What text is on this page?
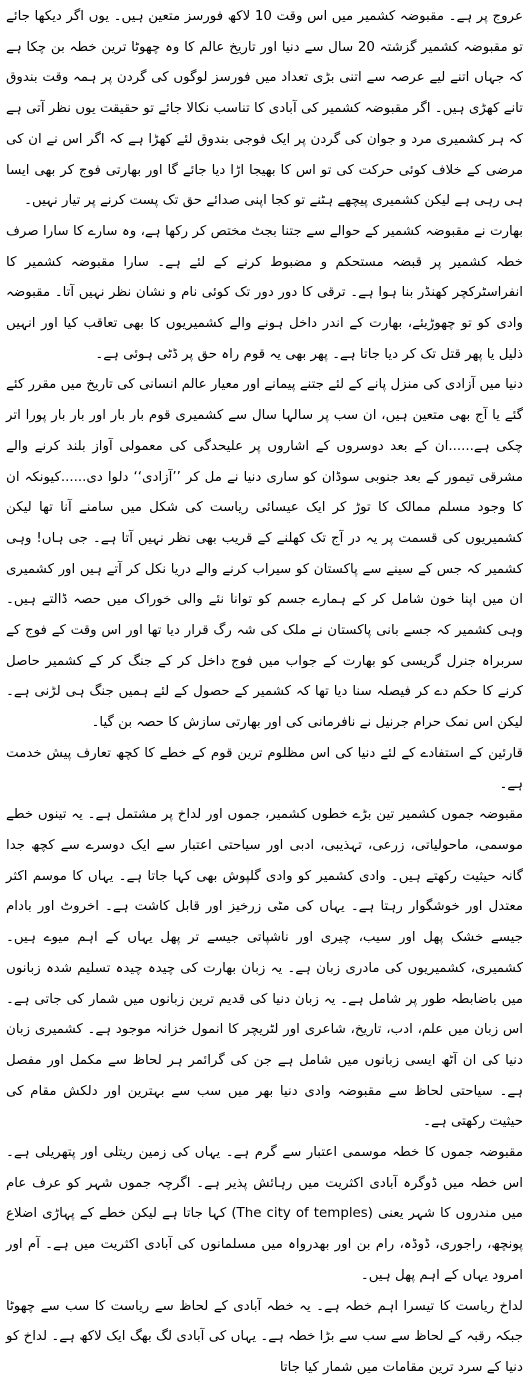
عروج پر ہے۔ مقبوضہ کشمیر میں اس وقت 10 لاکھ فورسز متعین ہیں۔ یوں اگر دیکھا جائے تو مقبوضہ کشمیر گزشتہ 20 سال سے دنیا اور تاریخ عالم کا وہ چھوٹا ترین خطہ بن چکا ہے کہ جہاں اتنے لیے عرصہ سے اتنی بڑی تعداد میں فورسز لوگوں کی گردن پر ہمہ وقت بندوق تانے کھڑی ہیں۔ اگر مقبوضہ کشمیر کی آبادی کا تناسب نکالا جائے تو حقیقت یوں نظر آتی ہے کہ ہر کشمیری مرد و جوان کی گردن پر ایک فوجی بندوق لئے کھڑا ہے کہ اگر اس نے ان کی مرضی کے خلاف کوئی حرکت کی تو اس کا بھیجا اڑا دیا جائے گا اور بھارتی فوج کر بھی ایسا ہی رہی ہے لیکن کشمیری پیچھے ہٹنے تو کجا اپنی صدائے حق تک پست کرنے پر تیار نہیں۔

بھارت نے مقبوضہ کشمیر کے حوالے سے جتنا بجٹ مختص کر رکھا ہے، وہ سارے کا سارا صرف خطہ کشمیر پر قبضہ مستحکم و مضبوط کرنے کے لئے ہے۔ سارا مقبوضہ کشمیر کا انفراسٹرکچر کھنڈر بنا ہوا ہے۔ ترقی کا دور دور تک کوئی نام و نشان نظر نہیں آتا۔ مقبوضہ وادی کو تو چھوڑیئے، بھارت کے اندر داخل ہونے والے کشمیریوں کا بھی تعاقب کیا اور انہیں ذلیل یا پھر قتل تک کر دیا جاتا ہے۔ پھر بھی یہ قوم راہ حق پر ڈٹی ہوئی ہے۔

دنیا میں آزادی کی منزل پانے کے لئے جتنے پیمانے اور معیار عالم انسانی کی تاریخ میں مقرر کئے گئے یا آج بھی متعین ہیں، ان سب پر سالہا سال سے کشمیری قوم بار بار اور بار بار پورا اتر چکی ہے......ان کے بعد دوسروں کے اشاروں پر علیحدگی کی معمولی آواز بلند کرنے والے مشرقی تیمور کے بعد جنوبی سوڈان کو ساری دنیا نے مل کر ’’آزادی‘‘ دلوا دی......کیونکہ ان کا وجود مسلم ممالک کا توڑ کر ایک عیسائی ریاست کی شکل میں سامنے آنا تھا لیکن کشمیریوں کی قسمت پر یہ در آج تک کھلنے کے قریب بھی نظر نہیں آتا ہے۔ جی ہاں! وہی کشمیر کہ جس کے سینے سے پاکستان کو سیراب کرنے والے دریا نکل کر آتے ہیں اور کشمیری ان میں اپنا خون شامل کر کے ہمارے جسم کو توانا نئے والی خوراک میں حصہ ڈالتے ہیں۔ وہی کشمیر کہ جسے بانی پاکستان نے ملک کی شہ رگ قرار دیا تھا اور اس وقت کے فوج کے سربراہ جنرل گریسی کو بھارت کے جواب میں فوج داخل کر کے جنگ کر کے کشمیر حاصل کرنے کا حکم دے کر فیصلہ سنا دیا تھا کہ کشمیر کے حصول کے لئے ہمیں جنگ ہی لڑنی ہے۔ لیکن اس نمک حرام جرنیل نے نافرمانی کی اور بھارتی سازش کا حصہ بن گیا۔

قارئین کے استفادے کے لئے دنیا کی اس مظلوم ترین قوم کے خطے کا کچھ تعارف پیش خدمت ہے۔

مقبوضہ جموں کشمیر تین بڑے خطوں کشمیر، جموں اور لداخ پر مشتمل ہے۔ یہ تینوں خطے موسمی، ماحولیاتی، زرعی، تہذیبی، ادبی اور سیاحتی اعتبار سے ایک دوسرے سے کچھ جدا گانہ حیثیت رکھتے ہیں۔ وادی کشمیر کو وادی گلپوش بھی کہا جاتا ہے۔ یہاں کا موسم اکثر معتدل اور خوشگوار رہتا ہے۔ یہاں کی مٹی زرخیز اور قابل کاشت ہے۔ اخروٹ اور بادام جیسے خشک پھل اور سیب، چیری اور ناشپاتی جیسے تر پھل یہاں کے اہم میوے ہیں۔ کشمیری، کشمیریوں کی مادری زبان ہے۔ یہ زبان بھارت کی چیدہ چیدہ تسلیم شدہ زبانوں میں باضابطہ طور پر شامل ہے۔ یہ زبان دنیا کی قدیم ترین زبانوں میں شمار کی جاتی ہے۔ اس زبان میں علم، ادب، تاریخ، شاعری اور لٹریچر کا انمول خزانہ موجود ہے۔ کشمیری زبان دنیا کی ان آٹھ ایسی زبانوں میں شامل ہے جن کی گرائمر ہر لحاظ سے مکمل اور مفصل ہے۔ سیاحتی لحاظ سے مقبوضہ وادی دنیا بھر میں سب سے بہترین اور دلکش مقام کی حیثیت رکھتی ہے۔

مقبوضہ جموں کا خطہ موسمی اعتبار سے گرم ہے۔ یہاں کی زمین ریتلی اور پتھریلی ہے۔ اس خطہ میں ڈوگرہ آبادی اکثریت میں رہائش پذیر ہے۔ اگرچہ جموں شہر کو عرف عام میں مندروں کا شہر یعنی (The city of temples) کہا جاتا ہے لیکن خطے کے پہاڑی اضلاع پونچھ، راجوری، ڈوڈہ، رام بن اور بھدرواہ میں مسلمانوں کی آبادی اکثریت میں ہے۔ آم اور امرود یہاں کے اہم پھل ہیں۔

لداخ ریاست کا تیسرا اہم خطہ ہے۔ یہ خطہ آبادی کے لحاظ سے ریاست کا سب سے چھوٹا جبکہ رقبہ کے لحاظ سے سب سے بڑا خطہ ہے۔ یہاں کی آبادی لگ بھگ ایک لاکھ ہے۔ لداخ کو دنیا کے سرد ترین مقامات میں شمار کیا جاتا
